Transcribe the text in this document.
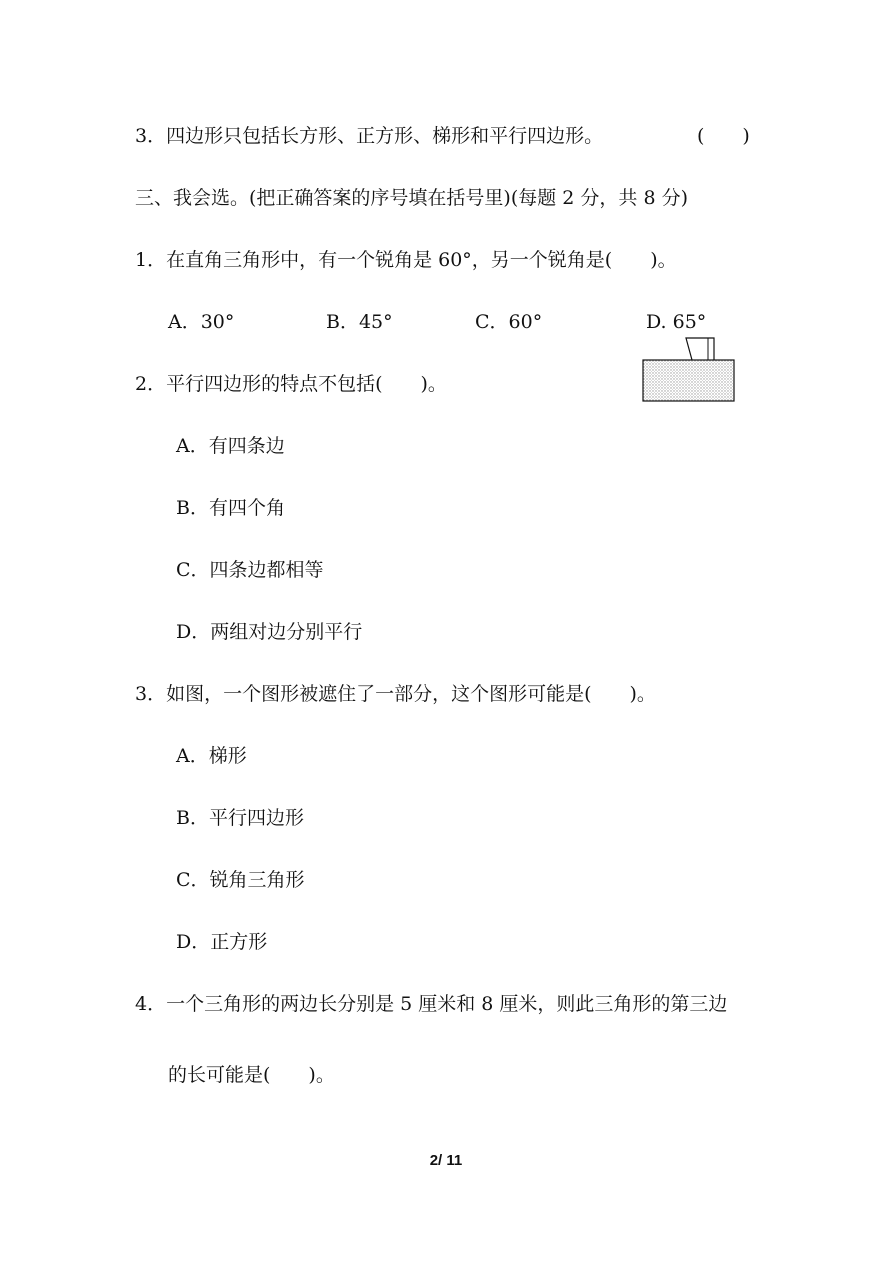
3．四边形只包括长方形、正方形、梯形和平行四边形。	(　　)
三、我会选。(把正确答案的序号填在括号里)(每题 2 分，共 8 分)
1．在直角三角形中，有一个锐角是 60°，另一个锐角是(　　)。
A．30°	B．45°	C．60°	D. 65°
2．平行四边形的特点不包括(　　)。
A．有四条边
B．有四个角
C．四条边都相等
D．两组对边分别平行
3．如图，一个图形被遮住了一部分，这个图形可能是(　　)。
A．梯形
B．平行四边形
C．锐角三角形
D．正方形
4．一个三角形的两边长分别是 5 厘米和 8 厘米，则此三角形的第三边
的长可能是(　　)。
2/ 11
